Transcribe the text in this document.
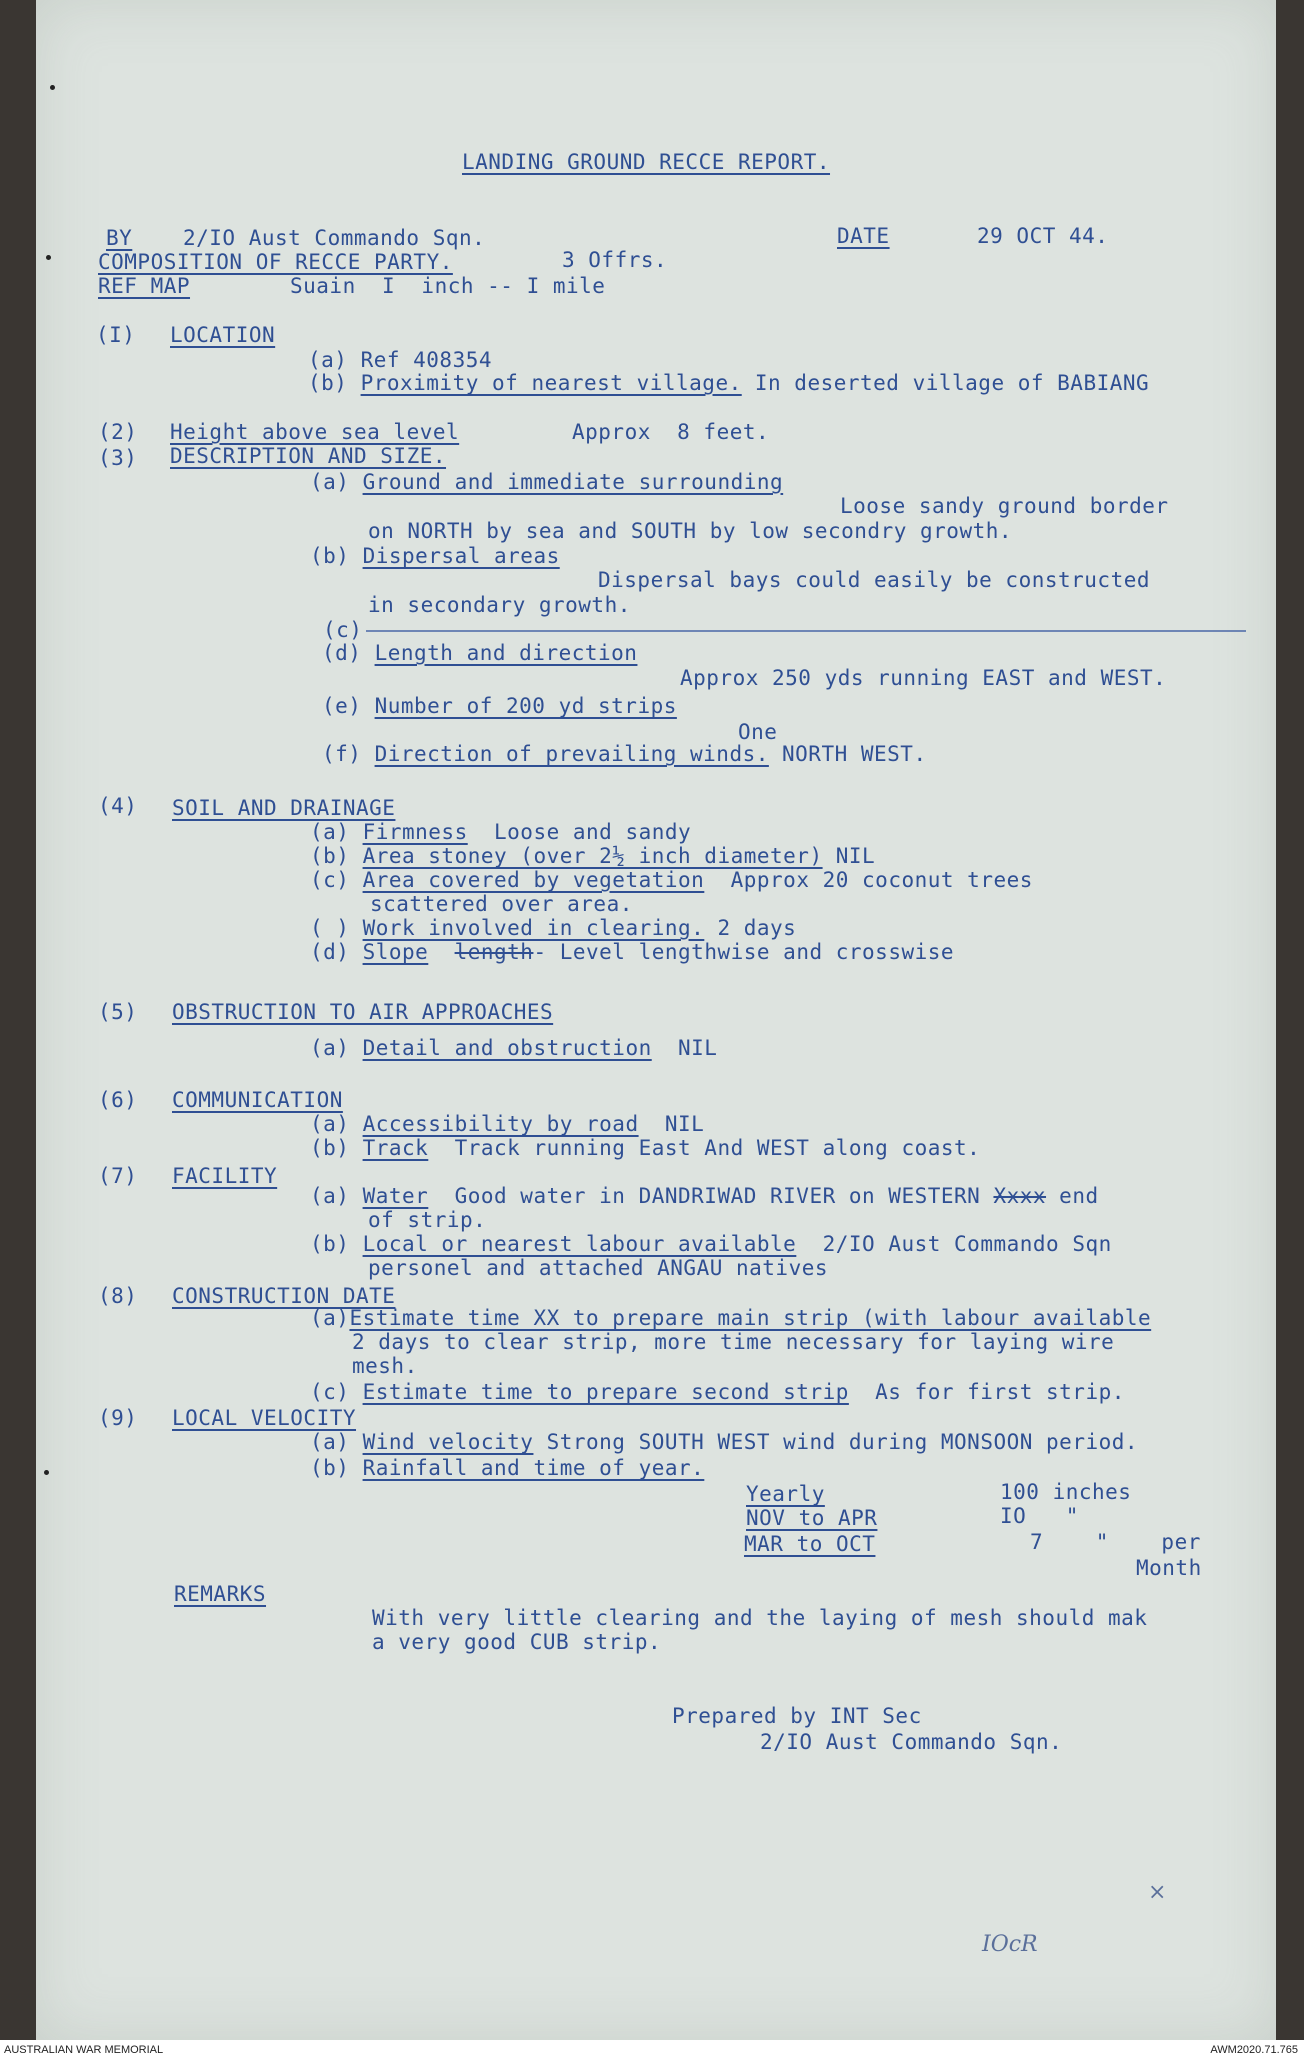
LANDING GROUND RECCE REPORT.
BY 2/IO Aust Commando Sqn.	DATE	29 OCT 44.
COMPOSITION OF RECCE PARTY.	3 Offrs.
REF MAP	Suain  I  inch -- I mile
(I) LOCATION
(a) Ref 408354
(b) Proximity of nearest village. In deserted village of BABIANG
(2) Height above sea level	Approx  8 feet.
(3) DESCRIPTION AND SIZE.
(a) Ground and immediate surrounding
Loose sandy ground border
on NORTH by sea and SOUTH by low secondry growth.
(b) Dispersal areas
Dispersal bays could easily be constructed
in secondary growth.
(c)
(d) Length and direction
Approx 250 yds running EAST and WEST.
(e) Number of 200 yd strips
One
(f) Direction of prevailing winds. NORTH WEST.
(4) SOIL AND DRAINAGE
(a) Firmness  Loose and sandy
(b) Area stoney (over 2½ inch diameter) NIL
(c) Area covered by vegetation  Approx 20 coconut trees
scattered over area.
( ) Work involved in clearing. 2 days
(d) Slope length- Level lengthwise and crosswise
(5) OBSTRUCTION TO AIR APPROACHES
(a) Detail and obstruction  NIL
(6) COMMUNICATION
(a) Accessibility by road  NIL
(b) Track  Track running East And WEST along coast.
(7) FACILITY
(a) Water  Good water in DANDRIWAD RIVER on WESTERN Xxxx end
of strip.
(b) Local or nearest labour available  2/IO Aust Commando Sqn
personel and attached ANGAU natives
(8) CONSTRUCTION DATE
(a)Estimate time XX to prepare main strip (with labour available
2 days to clear strip, more time necessary for laying wire
mesh.
(c) Estimate time to prepare second strip  As for first strip.
(9) LOCAL VELOCITY
(a) Wind velocity Strong SOUTH WEST wind during MONSOON period.
(b) Rainfall and time of year.
Yearly	100 inches
NOV to APR	IO   "
MAR to OCT	7    "    per
Month
REMARKS
With very little clearing and the laying of mesh should mak
a very good CUB strip.
Prepared by INT Sec
2/IO Aust Commando Sqn.
×
IOcR
AUSTRALIAN WAR MEMORIAL	AWM2020.71.765
